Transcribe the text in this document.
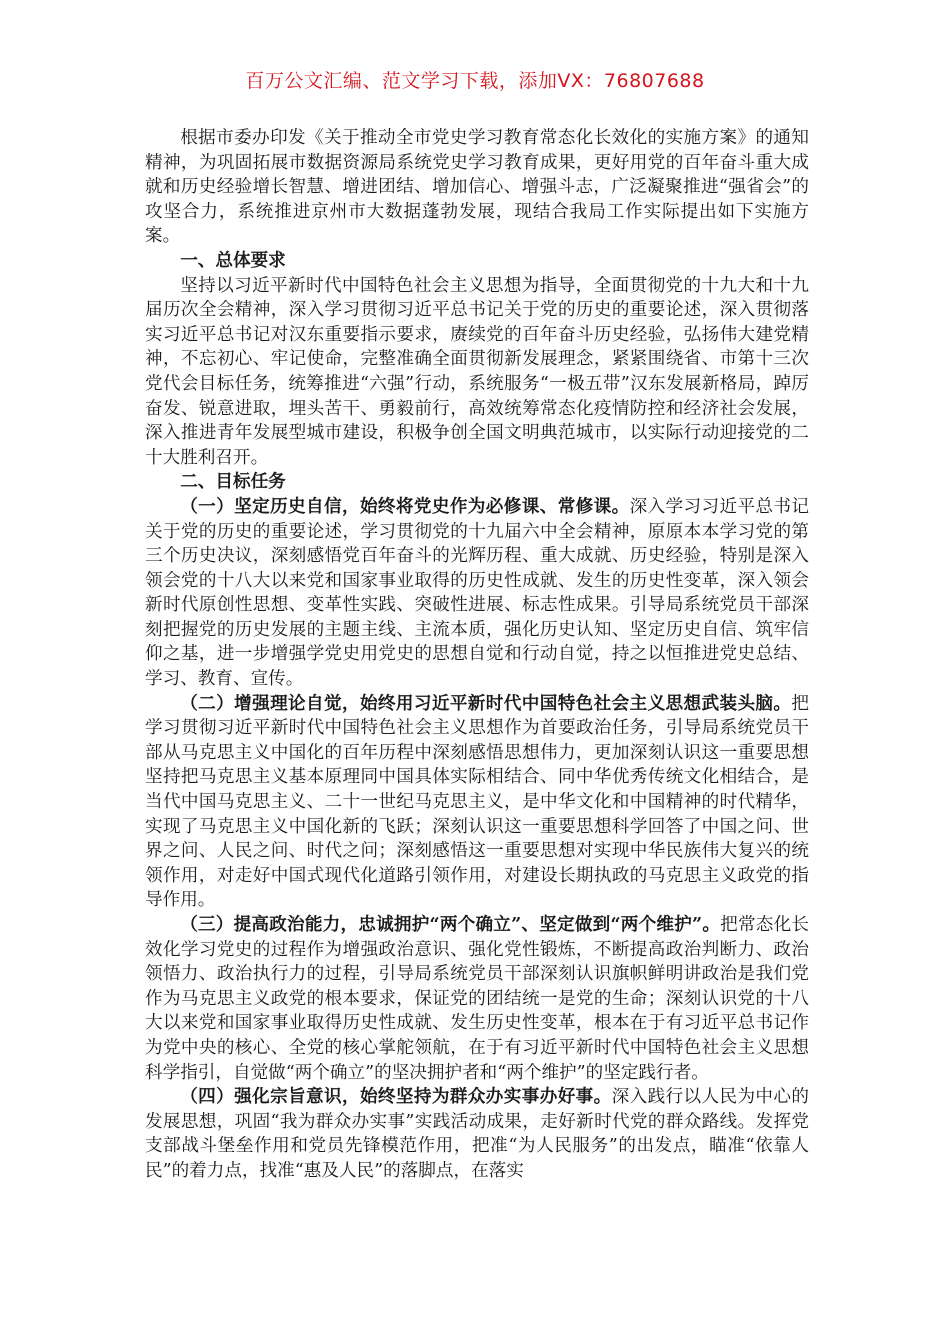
百万公文汇编、范文学习下载，添加VX：76807688

根据市委办印发《关于推动全市党史学习教育常态化长效化的实施方案》的通知精神，为巩固拓展市数据资源局系统党史学习教育成果，更好用党的百年奋斗重大成就和历史经验增长智慧、增进团结、增加信心、增强斗志，广泛凝聚推进“强省会”的攻坚合力，系统推进京州市大数据蓬勃发展，现结合我局工作实际提出如下实施方案。

一、总体要求

坚持以习近平新时代中国特色社会主义思想为指导，全面贯彻党的十九大和十九届历次全会精神，深入学习贯彻习近平总书记关于党的历史的重要论述，深入贯彻落实习近平总书记对汉东重要指示要求，赓续党的百年奋斗历史经验，弘扬伟大建党精神，不忘初心、牢记使命，完整准确全面贯彻新发展理念，紧紧围绕省、市第十三次党代会目标任务，统筹推进“六强”行动，系统服务“一极五带”汉东发展新格局，踔厉奋发、锐意进取，埋头苦干、勇毅前行，高效统筹常态化疫情防控和经济社会发展，深入推进青年发展型城市建设，积极争创全国文明典范城市，以实际行动迎接党的二十大胜利召开。

二、目标任务

（一）坚定历史自信，始终将党史作为必修课、常修课。深入学习习近平总书记关于党的历史的重要论述，学习贯彻党的十九届六中全会精神，原原本本学习党的第三个历史决议，深刻感悟党百年奋斗的光辉历程、重大成就、历史经验，特别是深入领会党的十八大以来党和国家事业取得的历史性成就、发生的历史性变革，深入领会新时代原创性思想、变革性实践、突破性进展、标志性成果。引导局系统党员干部深刻把握党的历史发展的主题主线、主流本质，强化历史认知、坚定历史自信、筑牢信仰之基，进一步增强学党史用党史的思想自觉和行动自觉，持之以恒推进党史总结、学习、教育、宣传。

（二）增强理论自觉，始终用习近平新时代中国特色社会主义思想武装头脑。把学习贯彻习近平新时代中国特色社会主义思想作为首要政治任务，引导局系统党员干部从马克思主义中国化的百年历程中深刻感悟思想伟力，更加深刻认识这一重要思想坚持把马克思主义基本原理同中国具体实际相结合、同中华优秀传统文化相结合，是当代中国马克思主义、二十一世纪马克思主义，是中华文化和中国精神的时代精华，实现了马克思主义中国化新的飞跃；深刻认识这一重要思想科学回答了中国之问、世界之问、人民之问、时代之问；深刻感悟这一重要思想对实现中华民族伟大复兴的统领作用，对走好中国式现代化道路引领作用，对建设长期执政的马克思主义政党的指导作用。

（三）提高政治能力，忠诚拥护“两个确立”、坚定做到“两个维护”。把常态化长效化学习党史的过程作为增强政治意识、强化党性锻炼，不断提高政治判断力、政治领悟力、政治执行力的过程，引导局系统党员干部深刻认识旗帜鲜明讲政治是我们党作为马克思主义政党的根本要求，保证党的团结统一是党的生命；深刻认识党的十八大以来党和国家事业取得历史性成就、发生历史性变革，根本在于有习近平总书记作为党中央的核心、全党的核心掌舵领航，在于有习近平新时代中国特色社会主义思想科学指引，自觉做“两个确立”的坚决拥护者和“两个维护”的坚定践行者。

（四）强化宗旨意识，始终坚持为群众办实事办好事。深入践行以人民为中心的发展思想，巩固“我为群众办实事”实践活动成果，走好新时代党的群众路线。发挥党支部战斗堡垒作用和党员先锋模范作用，把准“为人民服务”的出发点，瞄准“依靠人民”的着力点，找准“惠及人民”的落脚点，在落实
